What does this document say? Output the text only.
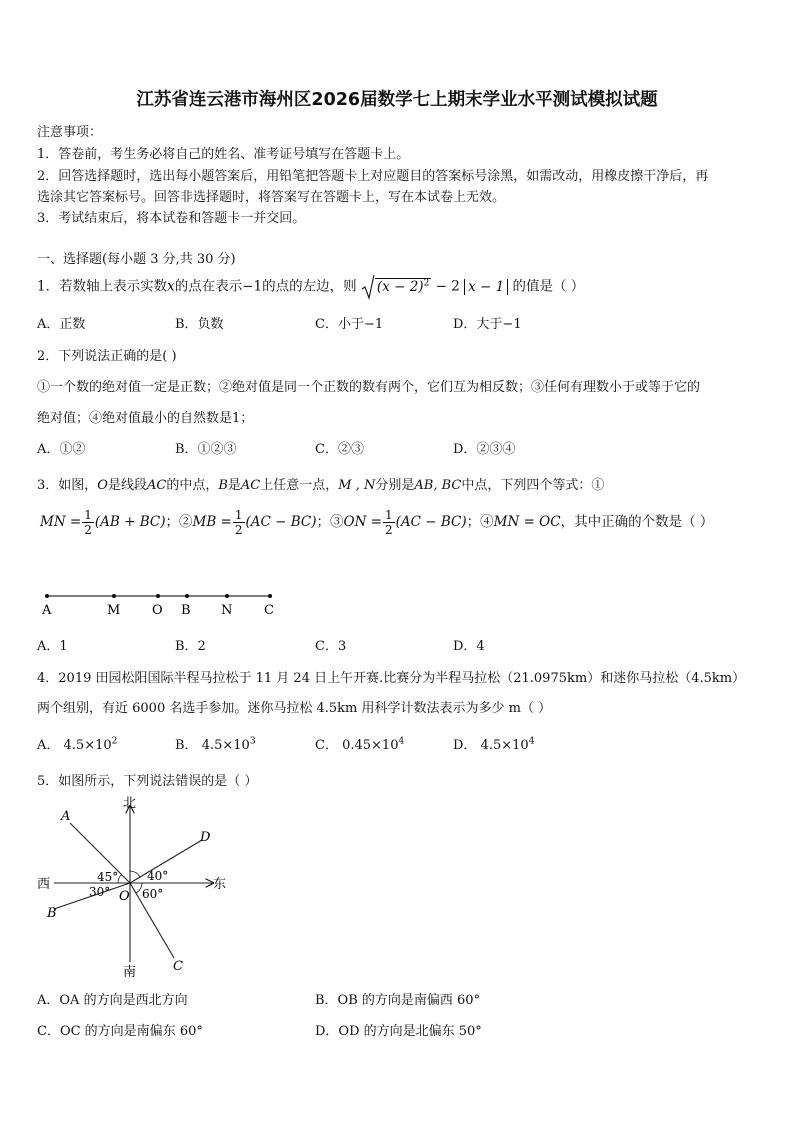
江苏省连云港市海州区2026届数学七上期末学业水平测试模拟试题
注意事项：
1．答卷前，考生务必将自己的姓名、准考证号填写在答题卡上。
2．回答选择题时，选出每小题答案后，用铅笔把答题卡上对应题目的答案标号涂黑，如需改动，用橡皮擦干净后，再
选涂其它答案标号。回答非选择题时，将答案写在答题卡上，写在本试卷上无效。
3．考试结束后，将本试卷和答题卡一并交回。
一、选择题(每小题 3 分,共 30 分)
1．若数轴上表示实数x的点在表示−1的点的左边，则 $(x - 2)^2 - 2$ x − 1 的值是（ ）
A．正数	B．负数	C．小于−1	D．大于−1
2．下列说法正确的是( )
①一个数的绝对值一定是正数；②绝对值是同一个正数的数有两个，它们互为相反数；③任何有理数小于或等于它的
绝对值；④绝对值最小的自然数是1；
A．①②	B．①②③	C．②③	D．②③④
3．如图，O是线段AC的中点，B是AC上任意一点，M , N分别是AB, BC中点，下列四个等式：①
MN = $\frac{1}{2} (AB + BC)$；②MB = $\frac{1}{2} (AC - BC)$；③ON = $\frac{1}{2} (AC - BC)$；④MN = OC，其中正确的个数是（ ）
A	M O B N C
A．1	B．2	C．3	D．4
4．2019 田园松阳国际半程马拉松于 11 月 24 日上午开赛.比赛分为半程马拉松（21.0975km）和迷你马拉松（4.5km）
两个组别，有近 6000 名选手参加。迷你马拉松 4.5km 用科学计数法表示为多少 m（ ）
A． $4.5\times 10^2$	B． $4.5\times 10^3$	C． $0.45\times 10^4$	D． $4.5\times 10^4$
5．如图所示，下列说法错误的是（ ）
北
南
西	东
A
B
C
D
O
45°
30°
40°
60°
A．OA 的方向是西北方向	B．OB 的方向是南偏西 60°
C．OC 的方向是南偏东 60°	D．OD 的方向是北偏东 50°
